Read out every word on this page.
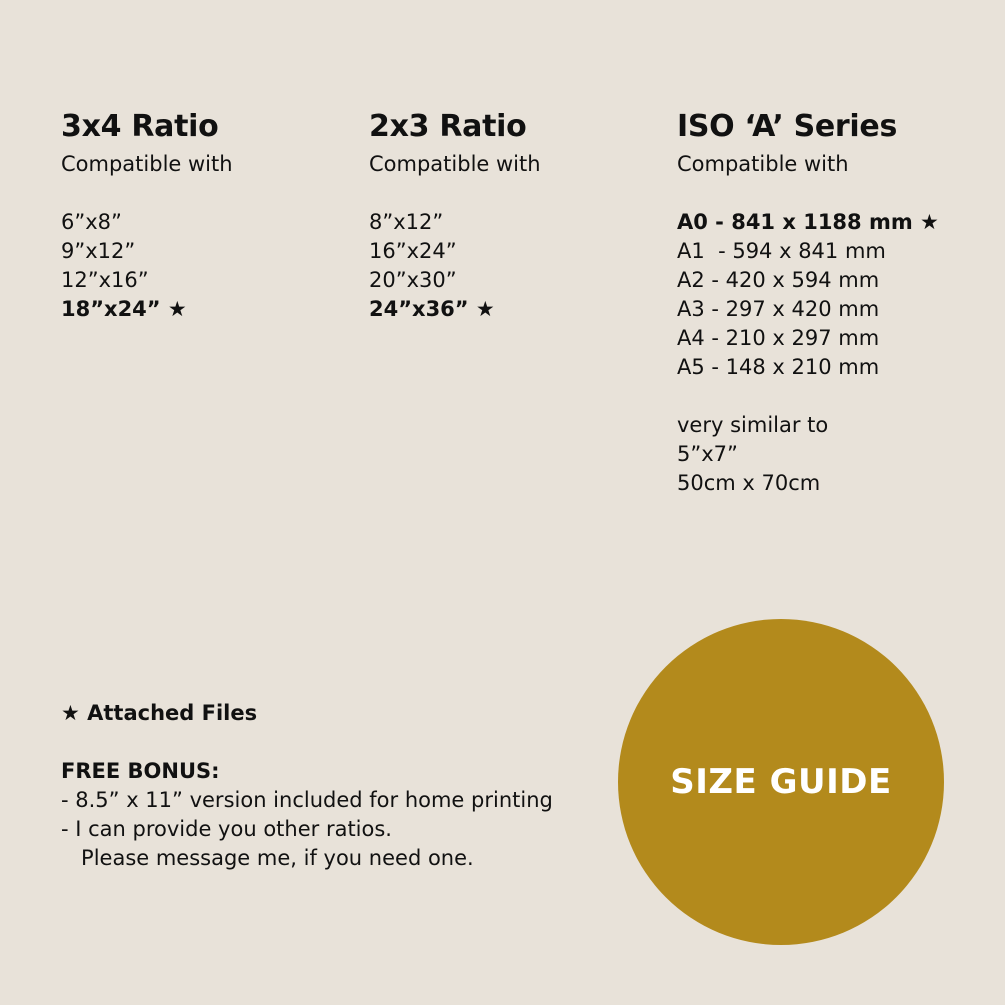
3x4 Ratio
Compatible with
6”x8”
9”x12”
12”x16”
18”x24” ★
2x3 Ratio
Compatible with
8”x12”
16”x24”
20”x30”
24”x36” ★
ISO ‘A’ Series
Compatible with
A0 - 841 x 1188 mm ★
A1  - 594 x 841 mm
A2 - 420 x 594 mm
A3 - 297 x 420 mm
A4 - 210 x 297 mm
A5 - 148 x 210 mm
very similar to
5”x7”
50cm x 70cm
★ Attached Files
FREE BONUS:
- 8.5” x 11” version included for home printing
- I can provide you other ratios.
Please message me, if you need one.
SIZE GUIDE
